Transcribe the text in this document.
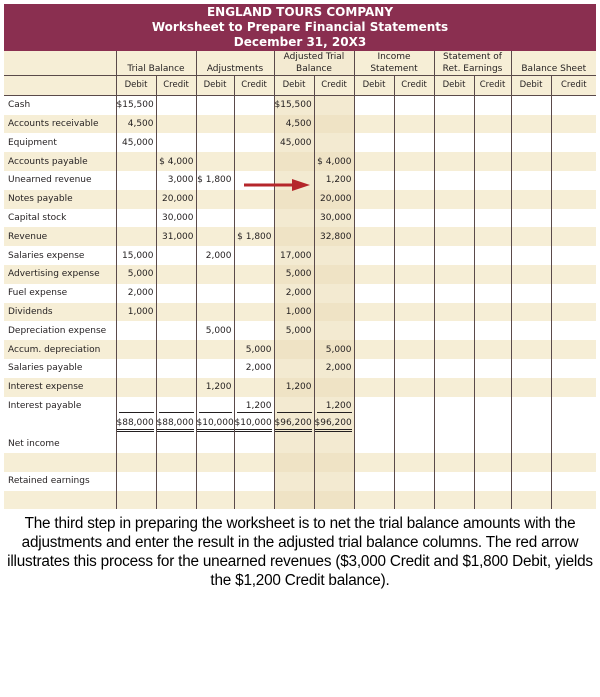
ENGLAND TOURS COMPANY
Worksheet to Prepare Financial Statements
December 31, 20X3
	Trial Balance		Adjustments		Adjusted Trial Balance		Income Statement		Statement of Ret. Earnings		Balance Sheet	
	Debit	Credit	Debit	Credit	Debit	Credit	Debit	Credit	Debit	Credit	Debit	Credit
Cash	$15,500				$15,500							
Accounts receivable	4,500				4,500							
Equipment	45,000				45,000							
Accounts payable		$ 4,000				$ 4,000						
Unearned revenue		3,000	$ 1,800			1,200						
Notes payable		20,000				20,000						
Capital stock		30,000				30,000						
Revenue		31,000		$ 1,800		32,800						
Salaries expense	15,000		2,000		17,000							
Advertising expense	5,000				5,000							
Fuel expense	2,000				2,000							
Dividends	1,000				1,000							
Depreciation expense			5,000		5,000							
Accum. depreciation				5,000		5,000						
Salaries payable				2,000		2,000						
Interest expense			1,200		1,200							
Interest payable				1,200		1,200						
	$88,000	$88,000	$10,000	$10,000	$96,200	$96,200						
Net income												

Retained earnings												

The third step in preparing the worksheet is to net the trial balance amounts with the adjustments and enter the result in the adjusted trial balance columns. The red arrow illustrates this process for the unearned revenues ($3,000 Credit and $1,800 Debit, yields the $1,200 Credit balance).
